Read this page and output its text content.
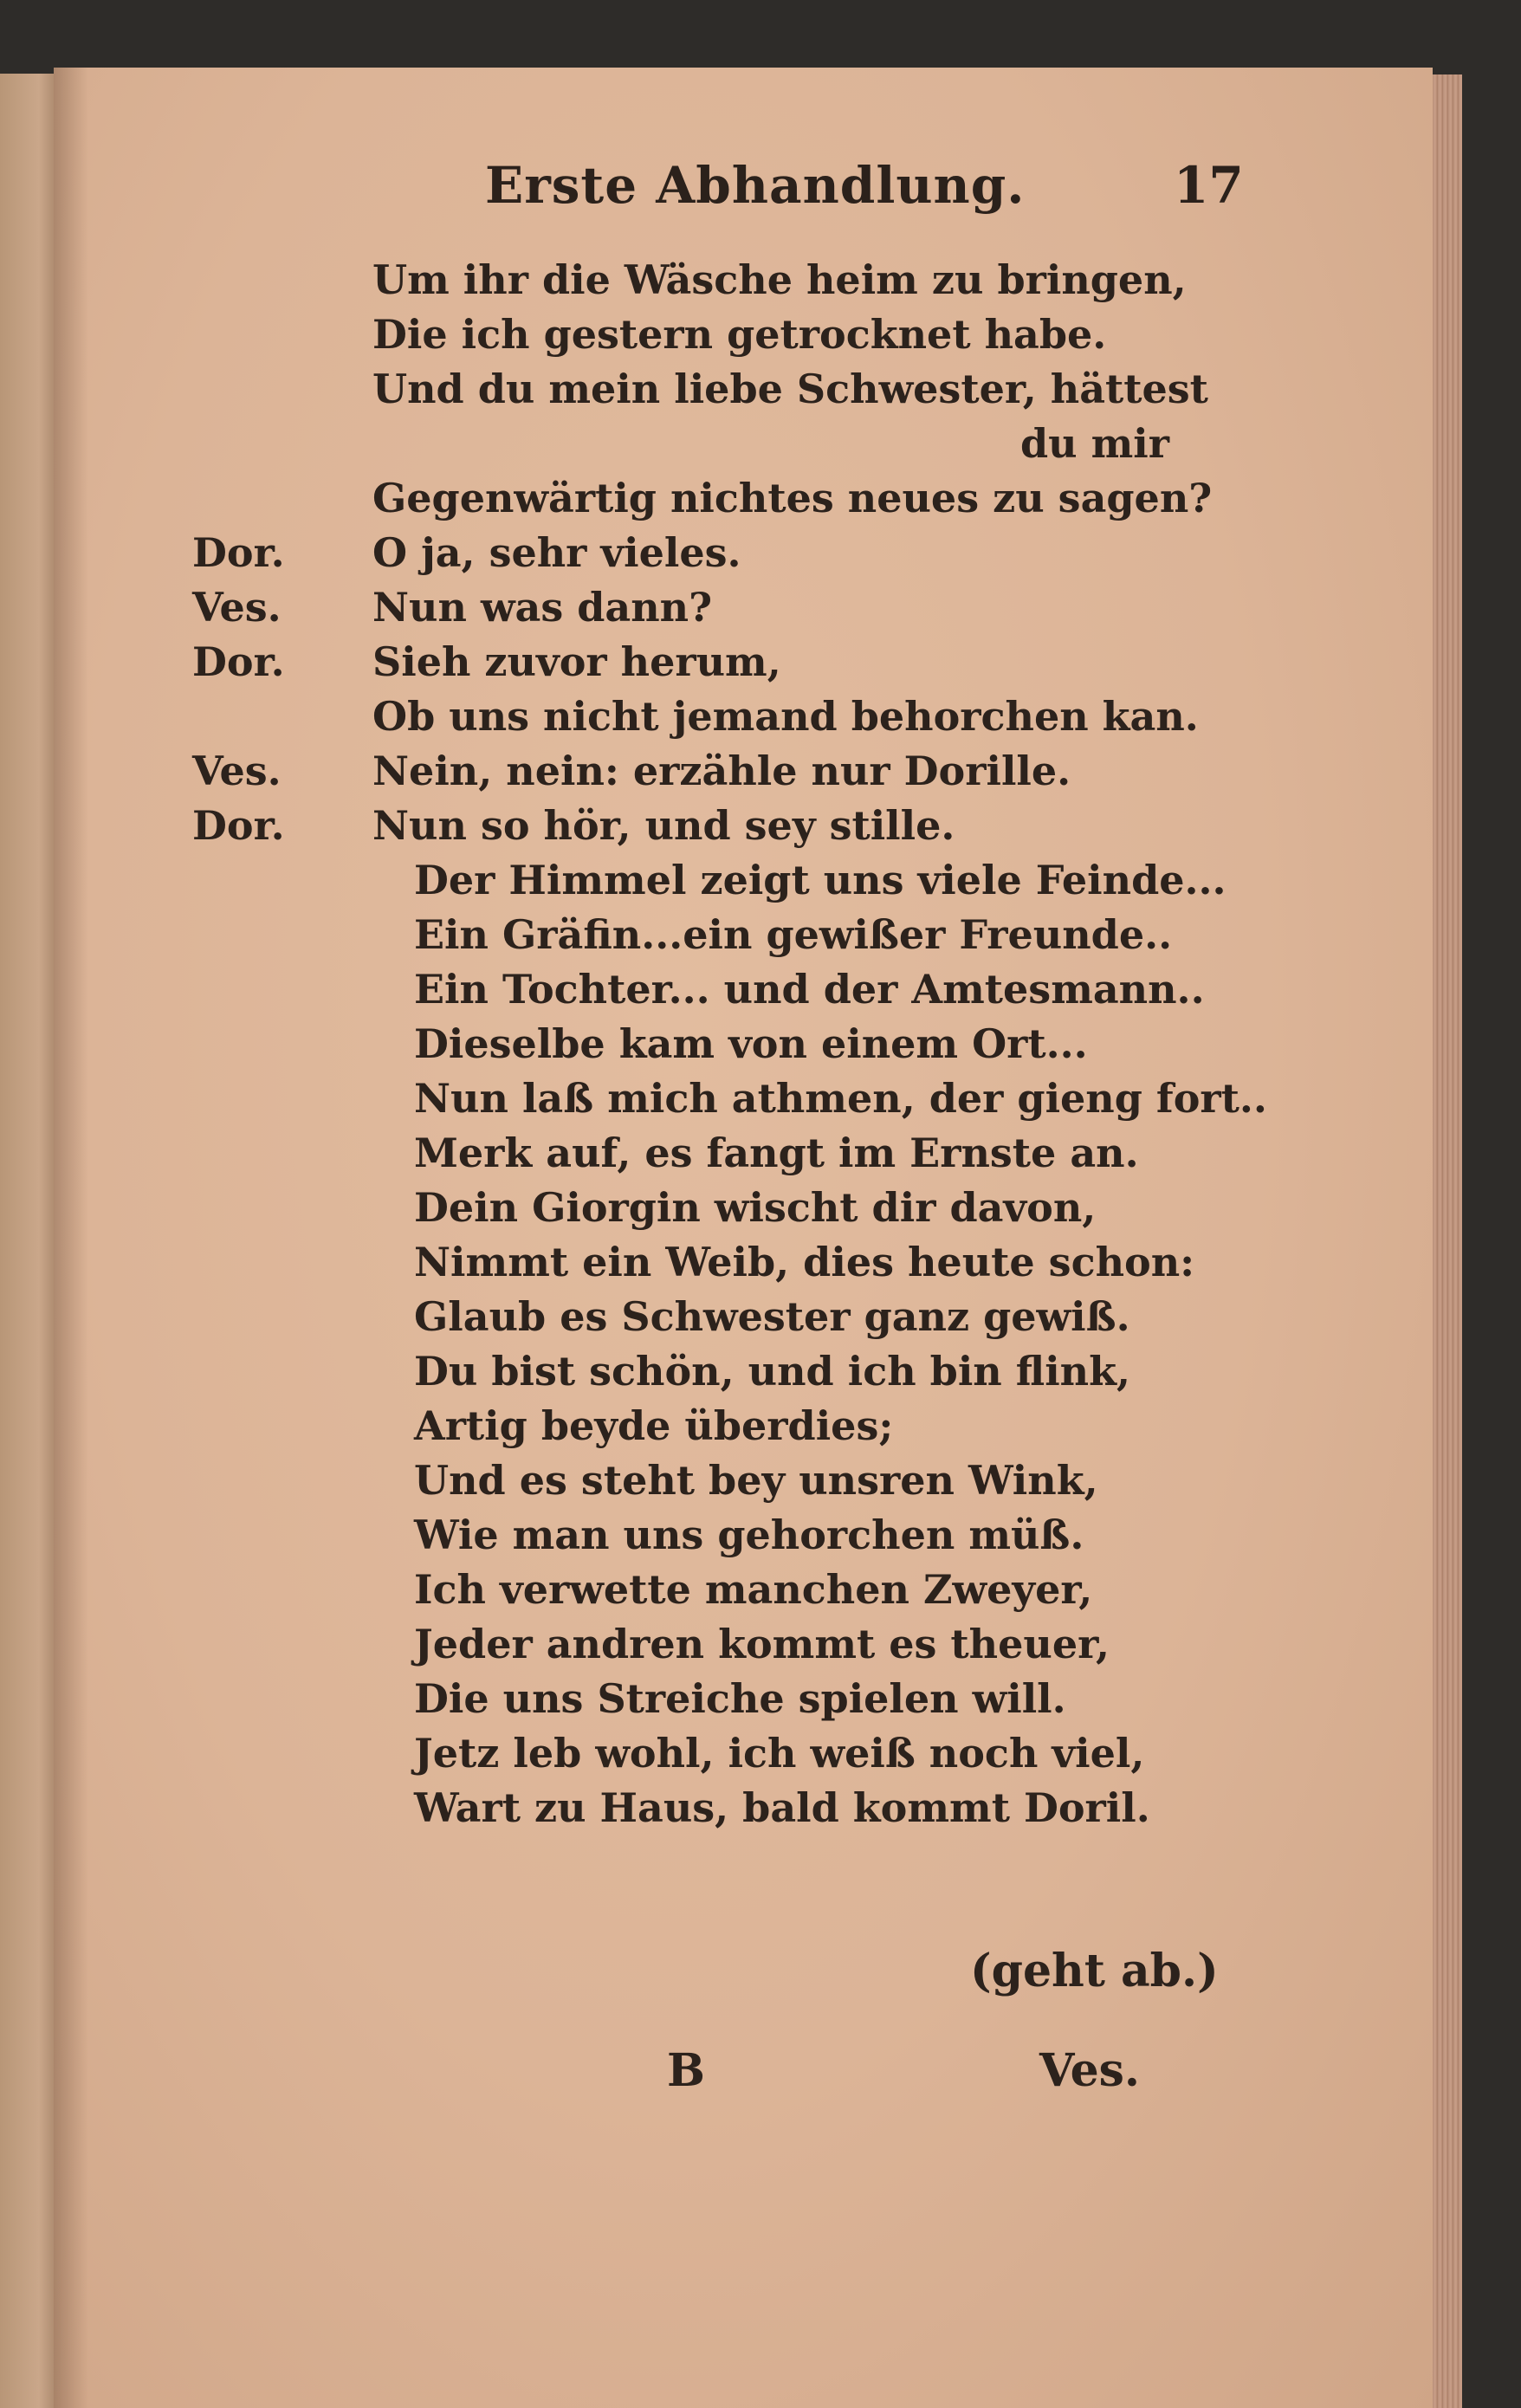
Erste Abhandlung.	17
Um ihr die Wäsche heim zu bringen,
Die ich gestern getrocknet habe.
Und du mein liebe Schwester, hättest
du mir
Gegenwärtig nichtes neues zu sagen?
Dor. O ja, sehr vieles.
Ves. Nun was dann?
Dor. Sieh zuvor herum,
Ob uns nicht jemand behorchen kan.
Ves. Nein, nein: erzähle nur Dorille.
Dor. Nun so hör, und sey stille.
Der Himmel zeigt uns viele Feinde...
Ein Gräfin...ein gewißer Freunde..
Ein Tochter... und der Amtesmann..
Dieselbe kam von einem Ort...
Nun laß mich athmen, der gieng fort..
Merk auf, es fangt im Ernste an.
Dein Giorgin wischt dir davon,
Nimmt ein Weib, dies heute schon:
Glaub es Schwester ganz gewiß.
Du bist schön, und ich bin flink,
Artig beyde überdies;
Und es steht bey unsren Wink,
Wie man uns gehorchen müß.
Ich verwette manchen Zweyer,
Jeder andren kommt es theuer,
Die uns Streiche spielen will.
Jetz leb wohl, ich weiß noch viel,
Wart zu Haus, bald kommt Doril.
(geht ab.)
B	Ves.
